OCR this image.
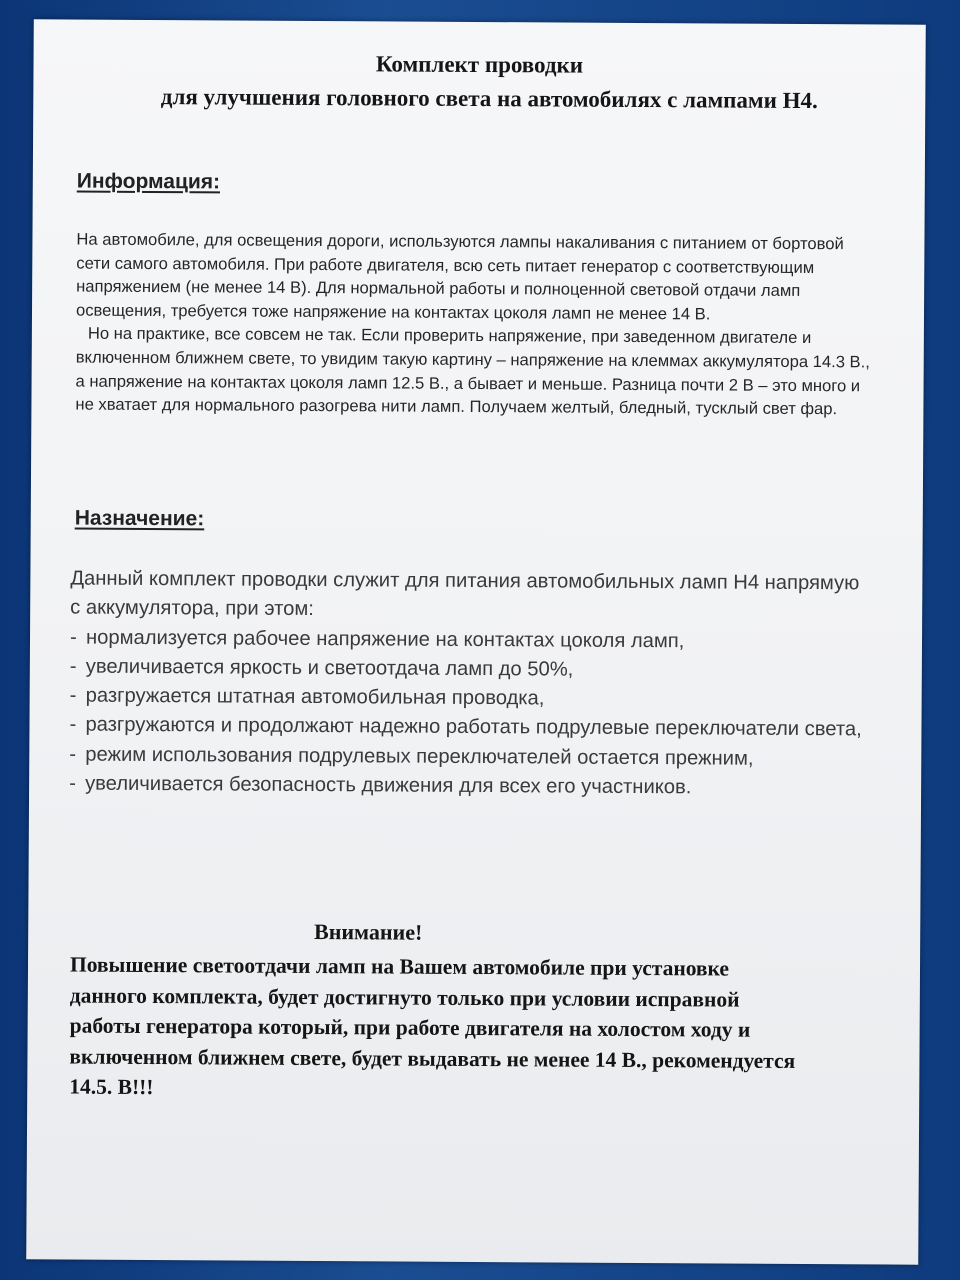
Комплект проводки
для улучшения головного света на автомобилях с лампами Н4.
Информация:

На автомобиле, для освещения дороги, используются лампы накаливания с питанием от бортовой сети самого автомобиля. При работе двигателя, всю сеть питает генератор с соответствующим напряжением (не менее 14 В). Для нормальной работы и полноценной световой отдачи ламп освещения, требуется тоже напряжение на контактах цоколя ламп не менее 14 В.

Но на практике, все совсем не так. Если проверить напряжение, при заведенном двигателе и включенном ближнем свете, то увидим такую картину – напряжение на клеммах аккумулятора 14.3 В., а напряжение на контактах цоколя ламп 12.5 В., а бывает и меньше. Разница почти 2 В – это много и не хватает для нормального разогрева нити ламп. Получаем желтый, бледный, тусклый свет фар.

Назначение:

Данный комплект проводки служит для питания автомобильных ламп Н4 напрямую с аккумулятора, при этом:

- нормализуется рабочее напряжение на контактах цоколя ламп,
- увеличивается яркость и светоотдача ламп до 50%,
- разгружается штатная автомобильная проводка,
- разгружаются и продолжают надежно работать подрулевые переключатели света,
- режим использования подрулевых переключателей остается прежним,
- увеличивается безопасность движения для всех его участников.
Внимание!
Повышение светоотдачи ламп на Вашем автомобиле при установке данного комплекта, будет достигнуто только при условии исправной работы генератора который, при работе двигателя на холостом ходу и включенном ближнем свете, будет выдавать не менее 14 В., рекомендуется 14.5. В!!!
